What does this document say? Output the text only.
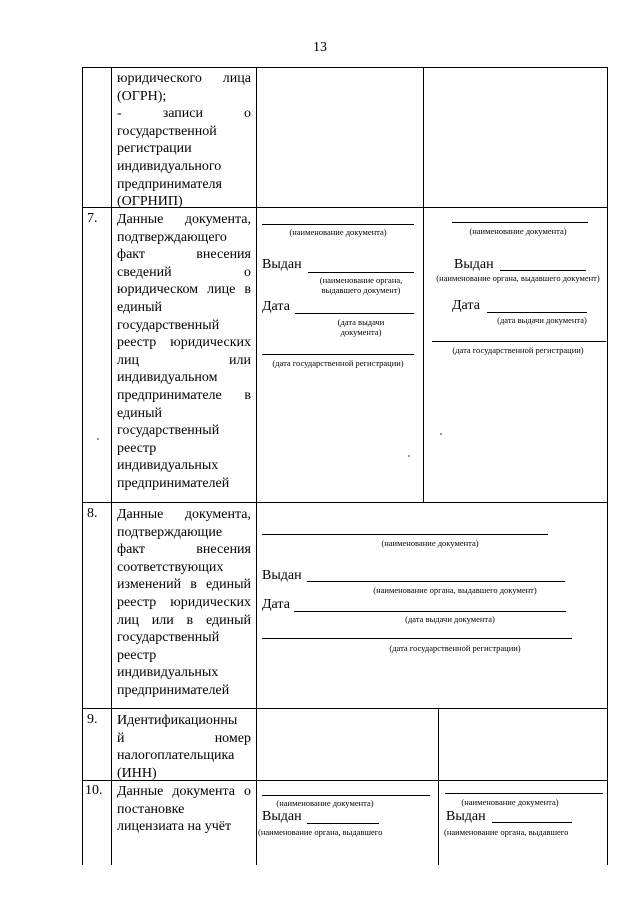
13
юридического лица (ОГРН);
- записи о государственной регистрации индивидуального предпринимателя (ОГРНИП)
7. Данные документа, подтверждающего факт внесения сведений о юридическом лице в единый государственный реестр юридических лиц или индивидуальном предпринимателе в единый государственный реестр индивидуальных предпринимателей
(наименование документа)
Выдан
(наименование органа, выдавшего документ)
Дата
(дата выдачи документа)
(дата государственной регистрации)
(наименование документа)
Выдан
(наименование органа, выдавшего документ)
Дата
(дата выдачи документа)
(дата государственной регистрации)
8. Данные документа, подтверждающие факт внесения соответствующих изменений в единый реестр юридических лиц или в единый государственный реестр индивидуальных предпринимателей
(наименование документа)
Выдан
(наименование органа, выдавшего документ)
Дата
(дата выдачи документа)
(дата государственной регистрации)
9. Идентификационны
й	номер
налогоплательщика
(ИНН)
10. Данные документа о постановке лицензиата на учёт
(наименование документа)
Выдан
(наименование органа, выдавшего
(наименование документа)
Выдан
(наименование органа, выдавшего
